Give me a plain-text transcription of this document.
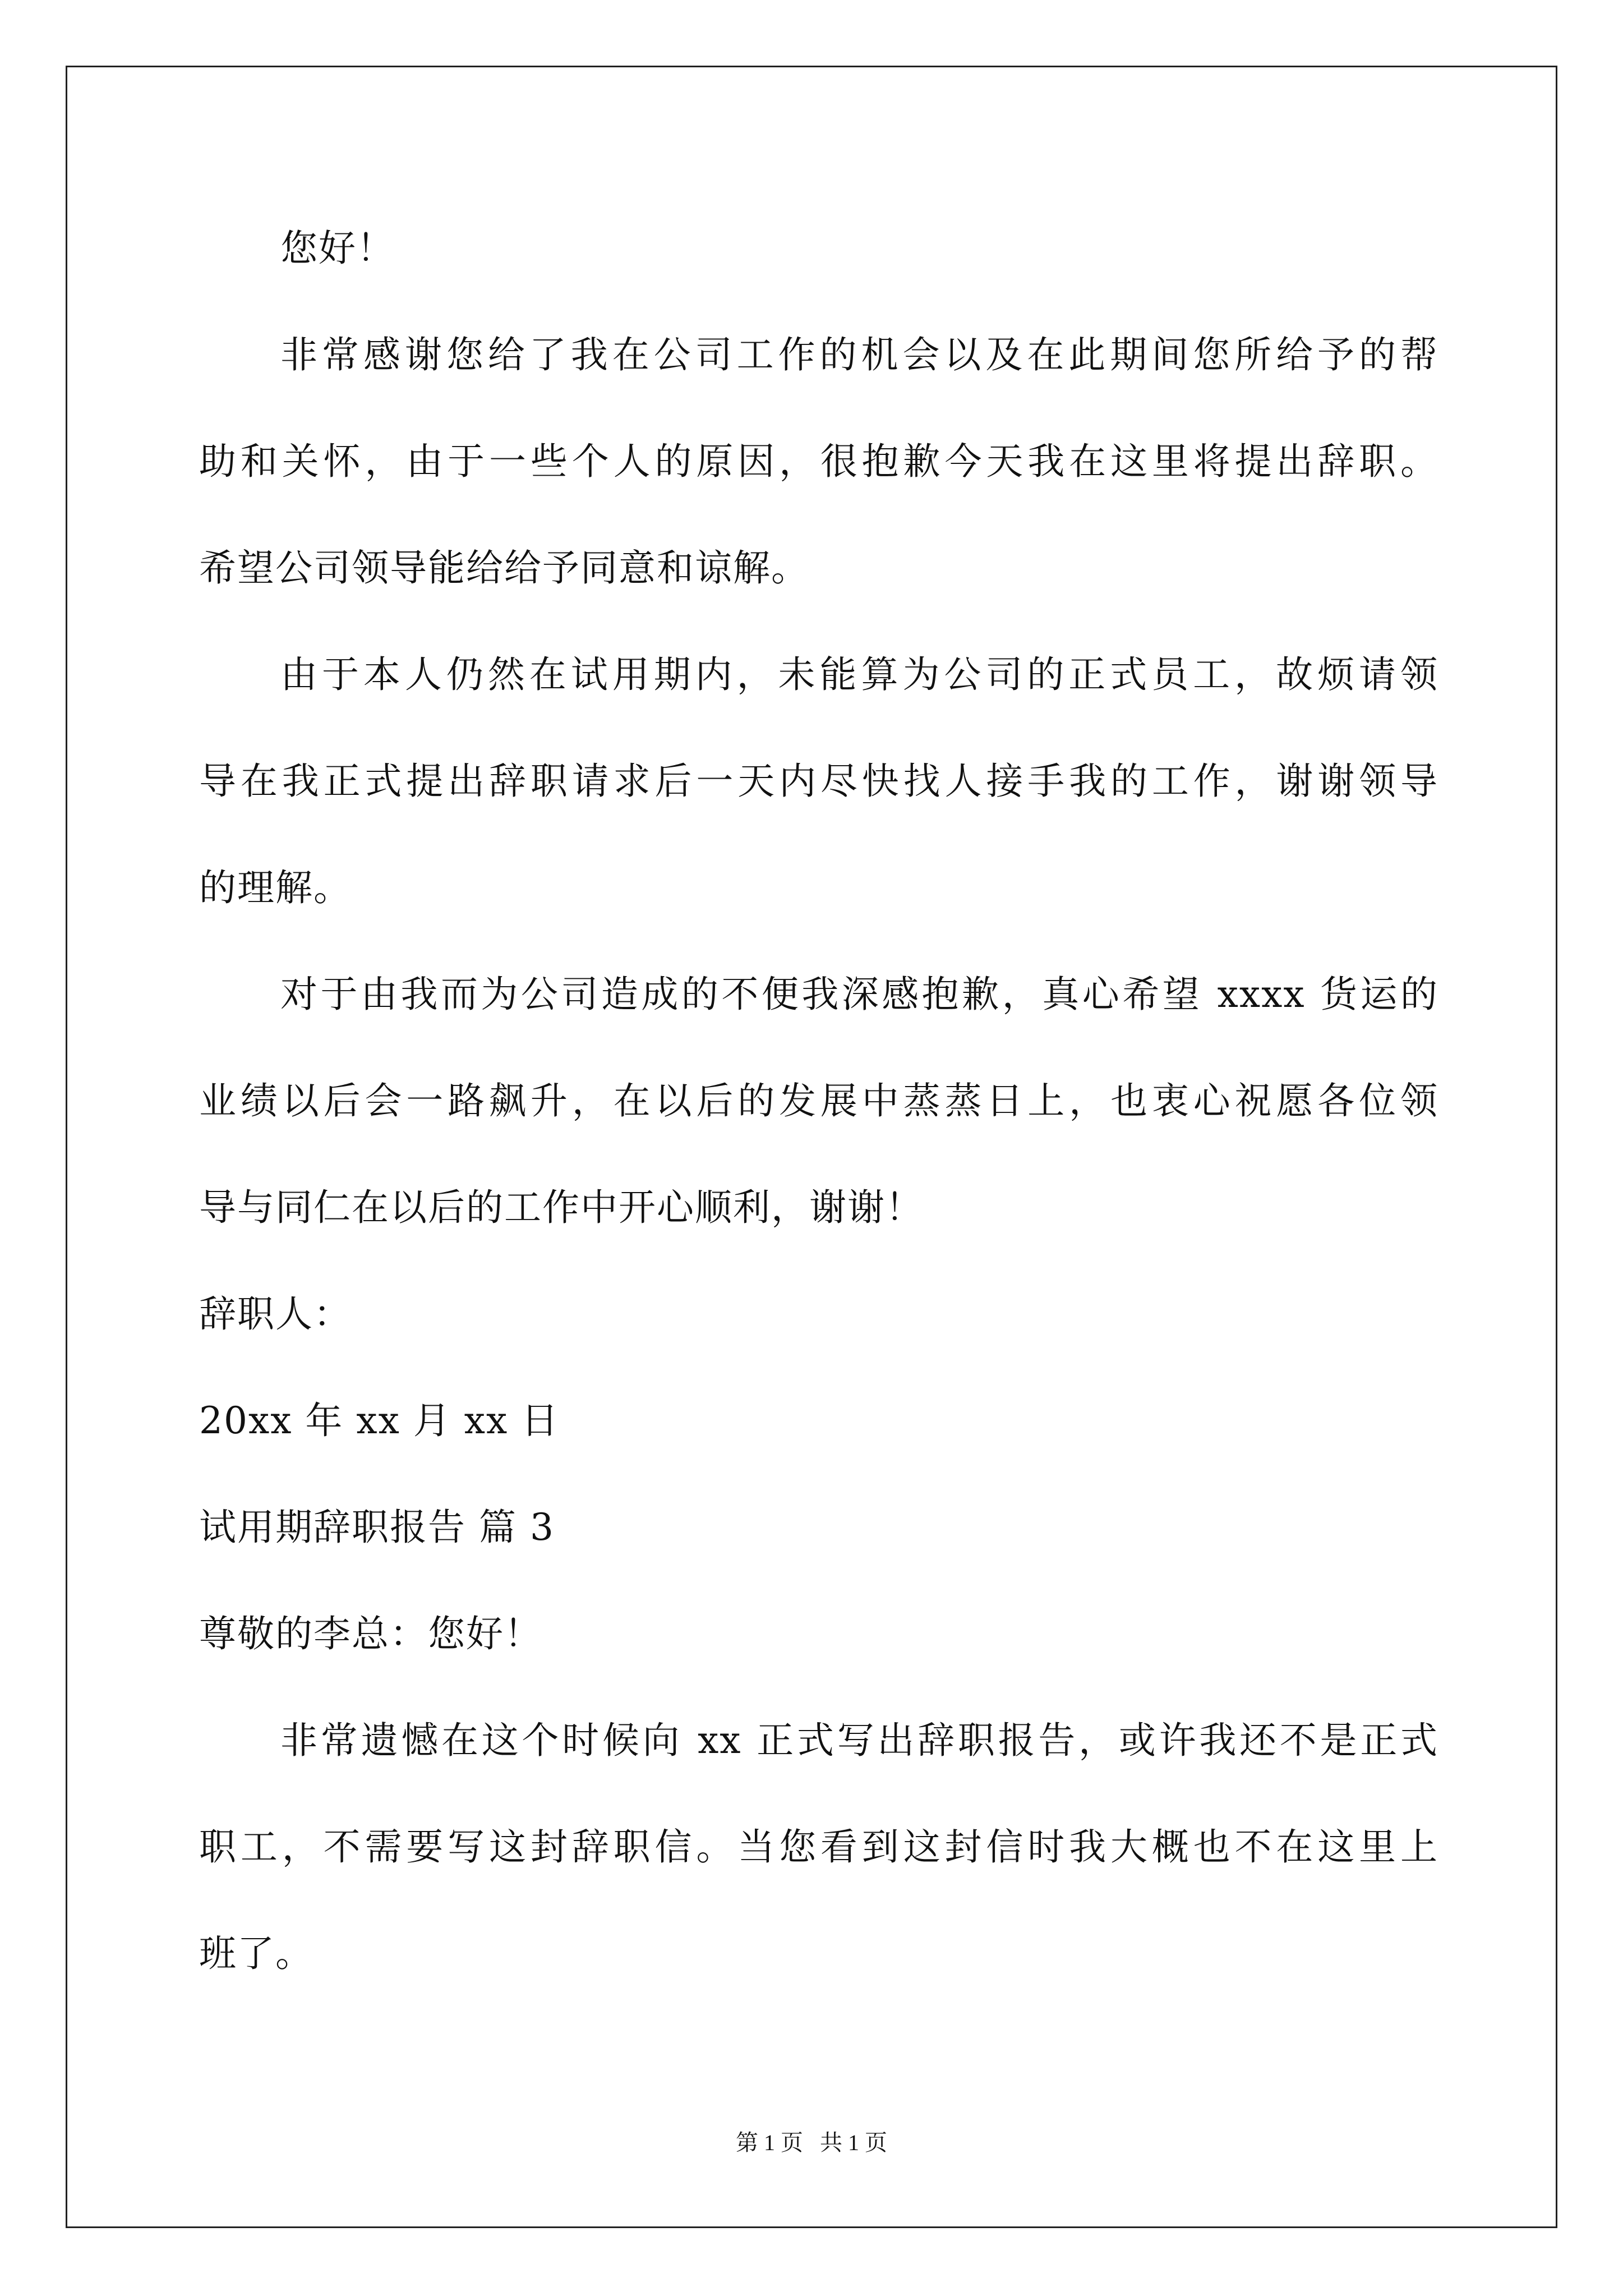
您好！
非常感谢您给了我在公司工作的机会以及在此期间您所给予的帮
助和关怀，由于一些个人的原因，很抱歉今天我在这里将提出辞职。
希望公司领导能给给予同意和谅解。
由于本人仍然在试用期内，未能算为公司的正式员工，故烦请领
导在我正式提出辞职请求后一天内尽快找人接手我的工作，谢谢领导
的理解。
对于由我而为公司造成的不便我深感抱歉，真心希望 xxxx 货运的
业绩以后会一路飙升，在以后的发展中蒸蒸日上，也衷心祝愿各位领
导与同仁在以后的工作中开心顺利，谢谢！
辞职人：
20xx 年 xx 月 xx 日
试用期辞职报告 篇 3
尊敬的李总：您好！
非常遗憾在这个时候向 xx 正式写出辞职报告，或许我还不是正式
职工，不需要写这封辞职信。当您看到这封信时我大概也不在这里上
班了。
第 1 页   共 1 页
